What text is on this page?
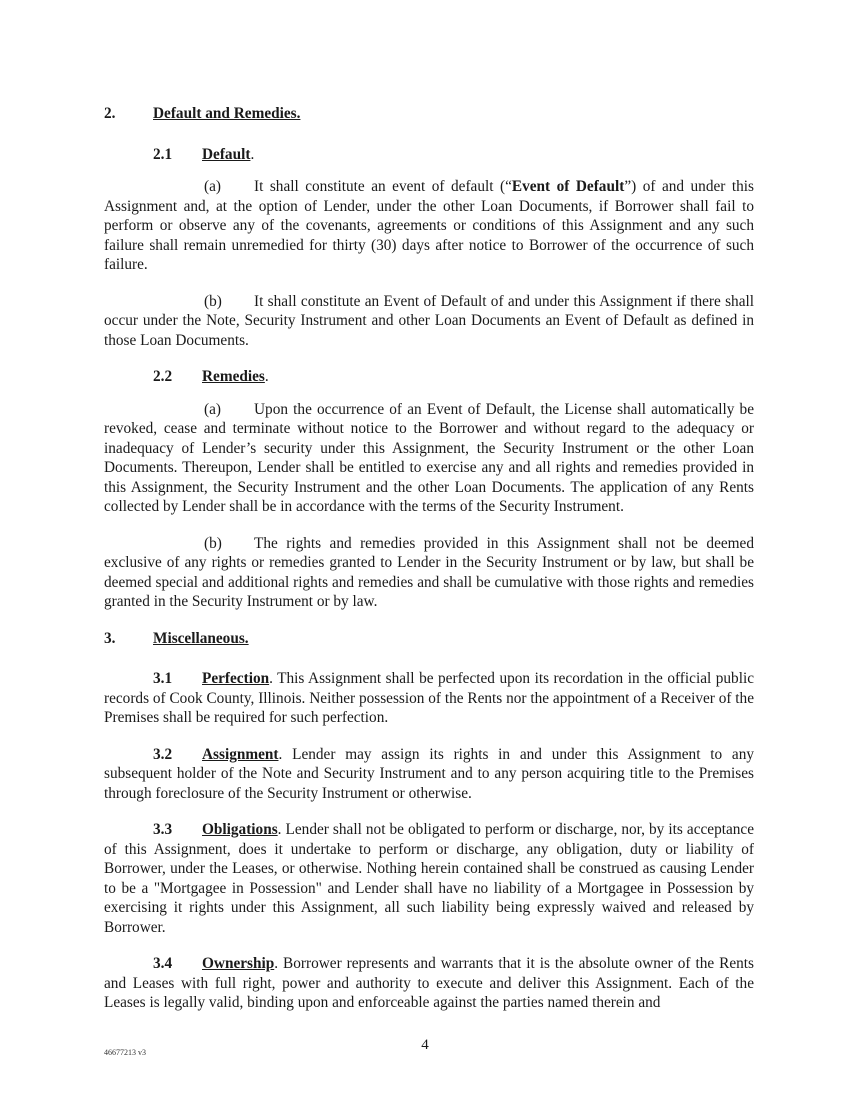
2. Default and Remedies.
2.1 Default.

(a) It shall constitute an event of default (“Event of Default”) of and under this Assignment and, at the option of Lender, under the other Loan Documents, if Borrower shall fail to perform or observe any of the covenants, agreements or conditions of this Assignment and any such failure shall remain unremedied for thirty (30) days after notice to Borrower of the occurrence of such failure.

(b) It shall constitute an Event of Default of and under this Assignment if there shall occur under the Note, Security Instrument and other Loan Documents an Event of Default as defined in those Loan Documents.

2.2 Remedies.

(a) Upon the occurrence of an Event of Default, the License shall automatically be revoked, cease and terminate without notice to the Borrower and without regard to the adequacy or inadequacy of Lender’s security under this Assignment, the Security Instrument or the other Loan Documents. Thereupon, Lender shall be entitled to exercise any and all rights and remedies provided in this Assignment, the Security Instrument and the other Loan Documents. The application of any Rents collected by Lender shall be in accordance with the terms of the Security Instrument.

(b) The rights and remedies provided in this Assignment shall not be deemed exclusive of any rights or remedies granted to Lender in the Security Instrument or by law, but shall be deemed special and additional rights and remedies and shall be cumulative with those rights and remedies granted in the Security Instrument or by law.

3. Miscellaneous.

3.1 Perfection. This Assignment shall be perfected upon its recordation in the official public records of Cook County, Illinois. Neither possession of the Rents nor the appointment of a Receiver of the Premises shall be required for such perfection.

3.2 Assignment. Lender may assign its rights in and under this Assignment to any subsequent holder of the Note and Security Instrument and to any person acquiring title to the Premises through foreclosure of the Security Instrument or otherwise.

3.3 Obligations. Lender shall not be obligated to perform or discharge, nor, by its acceptance of this Assignment, does it undertake to perform or discharge, any obligation, duty or liability of Borrower, under the Leases, or otherwise. Nothing herein contained shall be construed as causing Lender to be a "Mortgagee in Possession" and Lender shall have no liability of a Mortgagee in Possession by exercising it rights under this Assignment, all such liability being expressly waived and released by Borrower.

3.4 Ownership. Borrower represents and warrants that it is the absolute owner of the Rents and Leases with full right, power and authority to execute and deliver this Assignment. Each of the Leases is legally valid, binding upon and enforceable against the parties named therein and

46677213 v3	4
